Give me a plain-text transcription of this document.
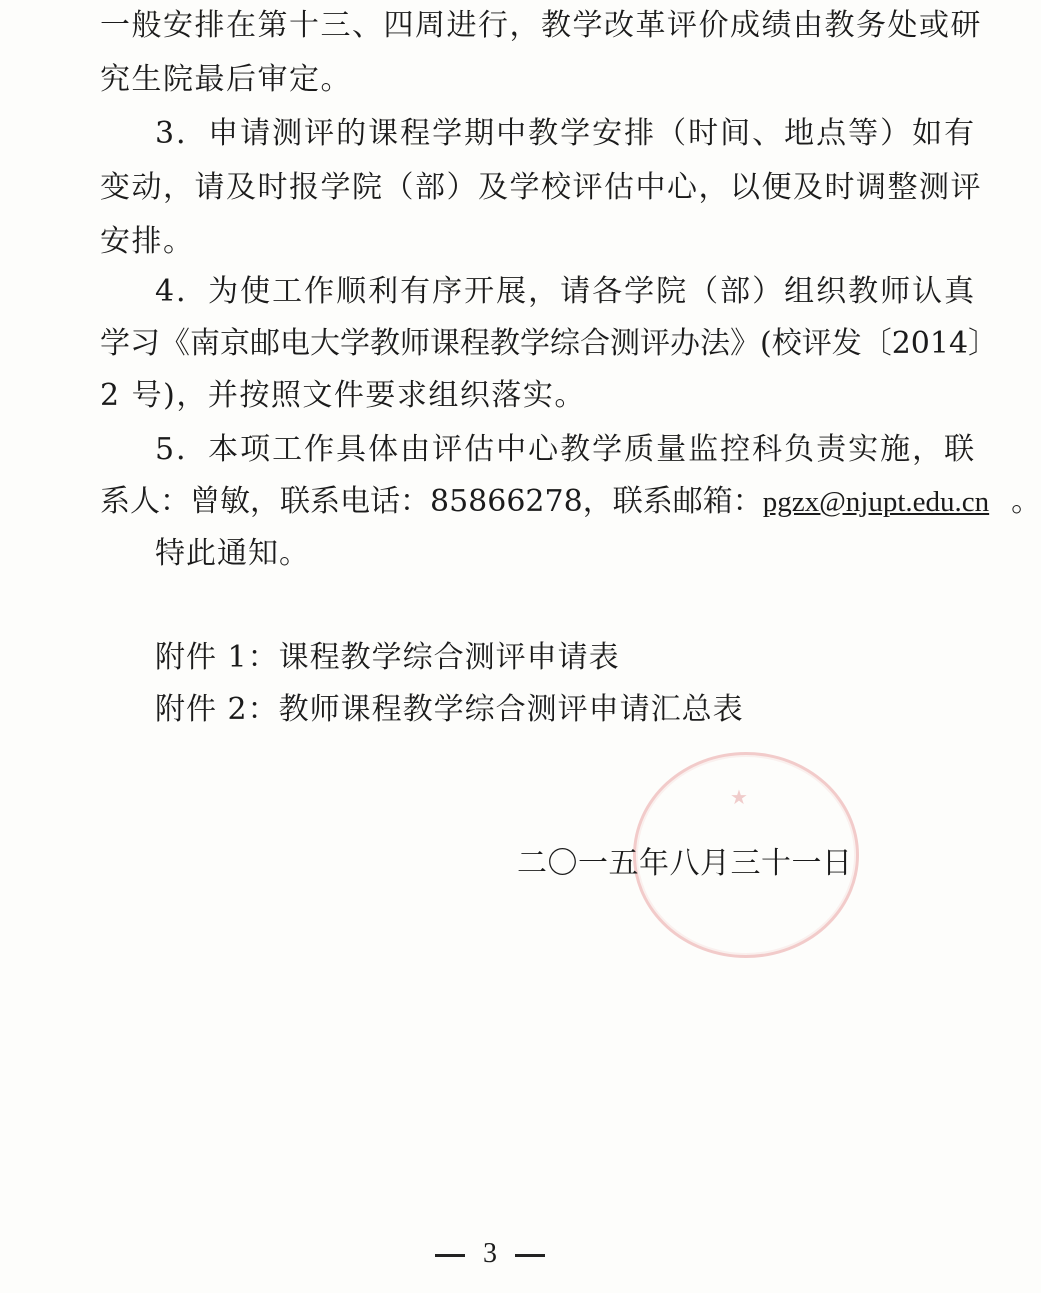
一般安排在第十三、四周进行，教学改革评价成绩由教务处或研
究生院最后审定。
3．申请测评的课程学期中教学安排（时间、地点等）如有
变动，请及时报学院（部）及学校评估中心，以便及时调整测评
安排。
4．为使工作顺利有序开展，请各学院（部）组织教师认真
学习《南京邮电大学教师课程教学综合测评办法》(校评发〔2014〕
2 号)，并按照文件要求组织落实。
5．本项工作具体由评估中心教学质量监控科负责实施，联
系人：曾敏，联系电话：85866278，联系邮箱：pgzx@njupt.edu.cn 。
特此通知。
附件 1：课程教学综合测评申请表
附件 2：教师课程教学综合测评申请汇总表
★
二〇一五年八月三十一日
3
